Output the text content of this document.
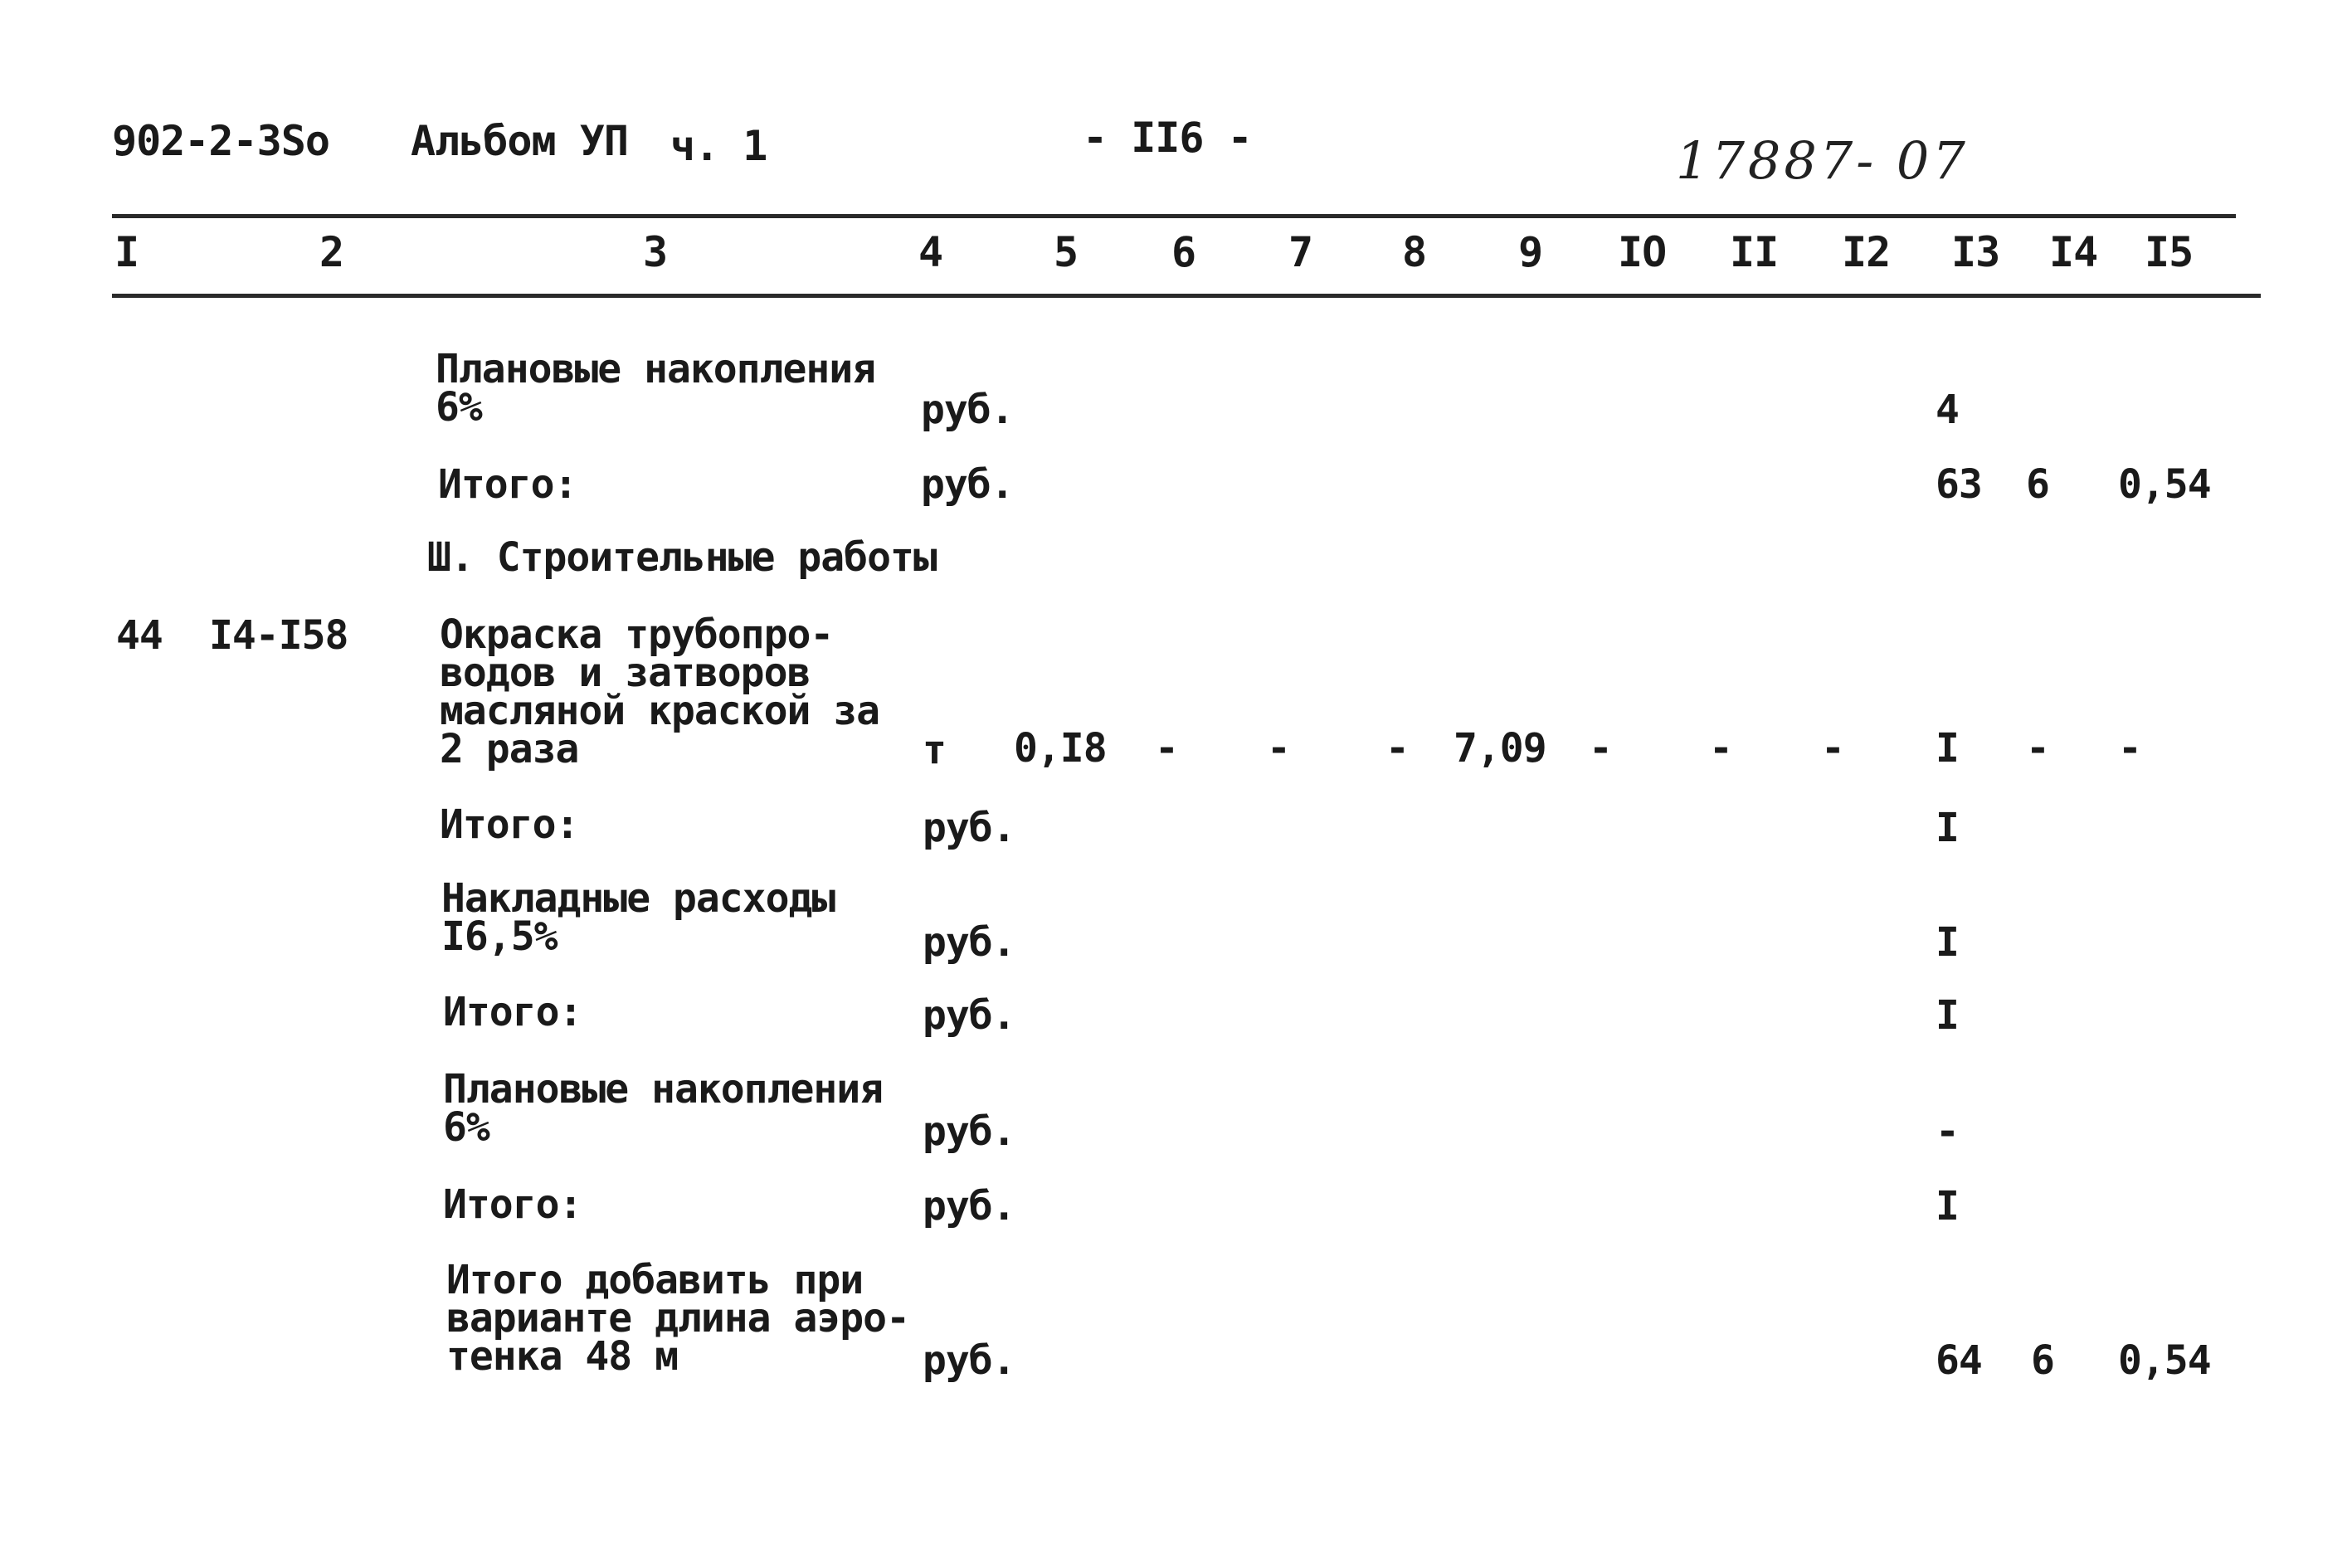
902-2-3Ѕо Альбом УП ч. 1	- II6 -	17887- 07
I	2	3	4	5 6 7 8 9 IO II I2 I3 I4 I5
Плановые накопления
6%	руб.	4
Итого:	руб.	63 6 0,54
Ш. Строительные работы
44 I4-I58 Окраска трубопро-
водов и затворов
масляной краской за
2 раза	т 0,I8 - - - 7,09 - - - I - -
Итого:	руб.	I
Накладные расходы
I6,5%	руб.	I
Итого:	руб.	I
Плановые накопления
6%	руб.	-
Итого:	руб.	I
Итого добавить при
варианте длина аэро-
тенка 48 м	руб.	64 6 0,54
